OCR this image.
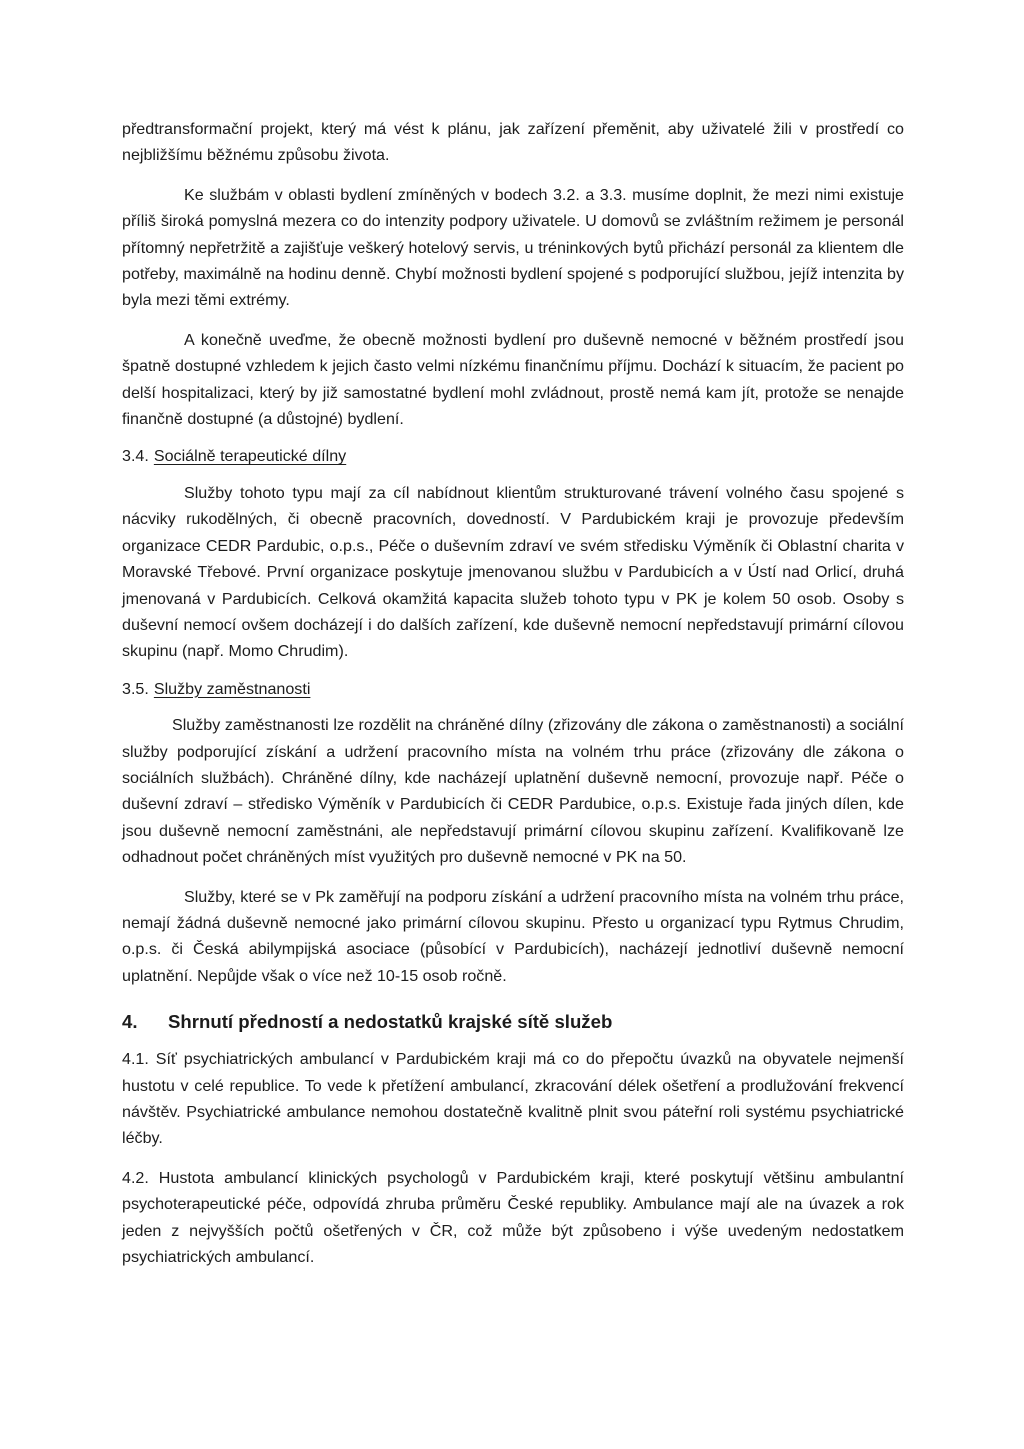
předtransformační projekt, který má vést k plánu, jak zařízení přeměnit, aby uživatelé žili v prostředí co nejbližšímu běžnému způsobu života.

Ke službám v oblasti bydlení zmíněných v bodech 3.2. a 3.3. musíme doplnit, že mezi nimi existuje příliš široká pomyslná mezera co do intenzity podpory uživatele. U domovů se zvláštním režimem je personál přítomný nepřetržitě a zajišťuje veškerý hotelový servis, u tréninkových bytů přichází personál za klientem dle potřeby, maximálně na hodinu denně. Chybí možnosti bydlení spojené s podporující službou, jejíž intenzita by byla mezi těmi extrémy.

A konečně uveďme, že obecně možnosti bydlení pro duševně nemocné v běžném prostředí jsou špatně dostupné vzhledem k jejich často velmi nízkému finančnímu příjmu. Dochází k situacím, že pacient po delší hospitalizaci, který by již samostatné bydlení mohl zvládnout, prostě nemá kam jít, protože se nenajde finančně dostupné (a důstojné) bydlení.

3.4. Sociálně terapeutické dílny

Služby tohoto typu mají za cíl nabídnout klientům strukturované trávení volného času spojené s nácviky rukodělných, či obecně pracovních, dovedností. V Pardubickém kraji je provozuje především organizace CEDR Pardubic, o.p.s., Péče o duševním zdraví ve svém středisku Výměník či Oblastní charita v Moravské Třebové. První organizace poskytuje jmenovanou službu v Pardubicích a v Ústí nad Orlicí, druhá jmenovaná v Pardubicích. Celková okamžitá kapacita služeb tohoto typu v PK je kolem 50 osob. Osoby s duševní nemocí ovšem docházejí i do dalších zařízení, kde duševně nemocní nepředstavují primární cílovou skupinu (např. Momo Chrudim).

3.5. Služby zaměstnanosti

Služby zaměstnanosti lze rozdělit na chráněné dílny (zřizovány dle zákona o zaměstnanosti) a sociální služby podporující získání a udržení pracovního místa na volném trhu práce (zřizovány dle zákona o sociálních službách). Chráněné dílny, kde nacházejí uplatnění duševně nemocní, provozuje např. Péče o duševní zdraví – středisko Výměník v Pardubicích či CEDR Pardubice, o.p.s. Existuje řada jiných dílen, kde jsou duševně nemocní zaměstnáni, ale nepředstavují primární cílovou skupinu zařízení. Kvalifikovaně lze odhadnout počet chráněných míst využitých pro duševně nemocné v PK na 50.

Služby, které se v Pk zaměřují na podporu získání a udržení pracovního místa na volném trhu práce, nemají žádná duševně nemocné jako primární cílovou skupinu. Přesto u organizací typu Rytmus Chrudim, o.p.s. či Česká abilympijská asociace (působící v Pardubicích), nacházejí jednotliví duševně nemocní uplatnění. Nepůjde však o více než 10-15 osob ročně.

4.	Shrnutí předností a nedostatků krajské sítě služeb

4.1. Síť psychiatrických ambulancí v Pardubickém kraji má co do přepočtu úvazků na obyvatele nejmenší hustotu v celé republice. To vede k přetížení ambulancí, zkracování délek ošetření a prodlužování frekvencí návštěv. Psychiatrické ambulance nemohou dostatečně kvalitně plnit svou páteřní roli systému psychiatrické léčby.

4.2. Hustota ambulancí klinických psychologů v Pardubickém kraji, které poskytují většinu ambulantní psychoterapeutické péče, odpovídá zhruba průměru České republiky. Ambulance mají ale na úvazek a rok jeden z nejvyšších počtů ošetřených v ČR, což může být způsobeno i výše uvedeným nedostatkem psychiatrických ambulancí.
